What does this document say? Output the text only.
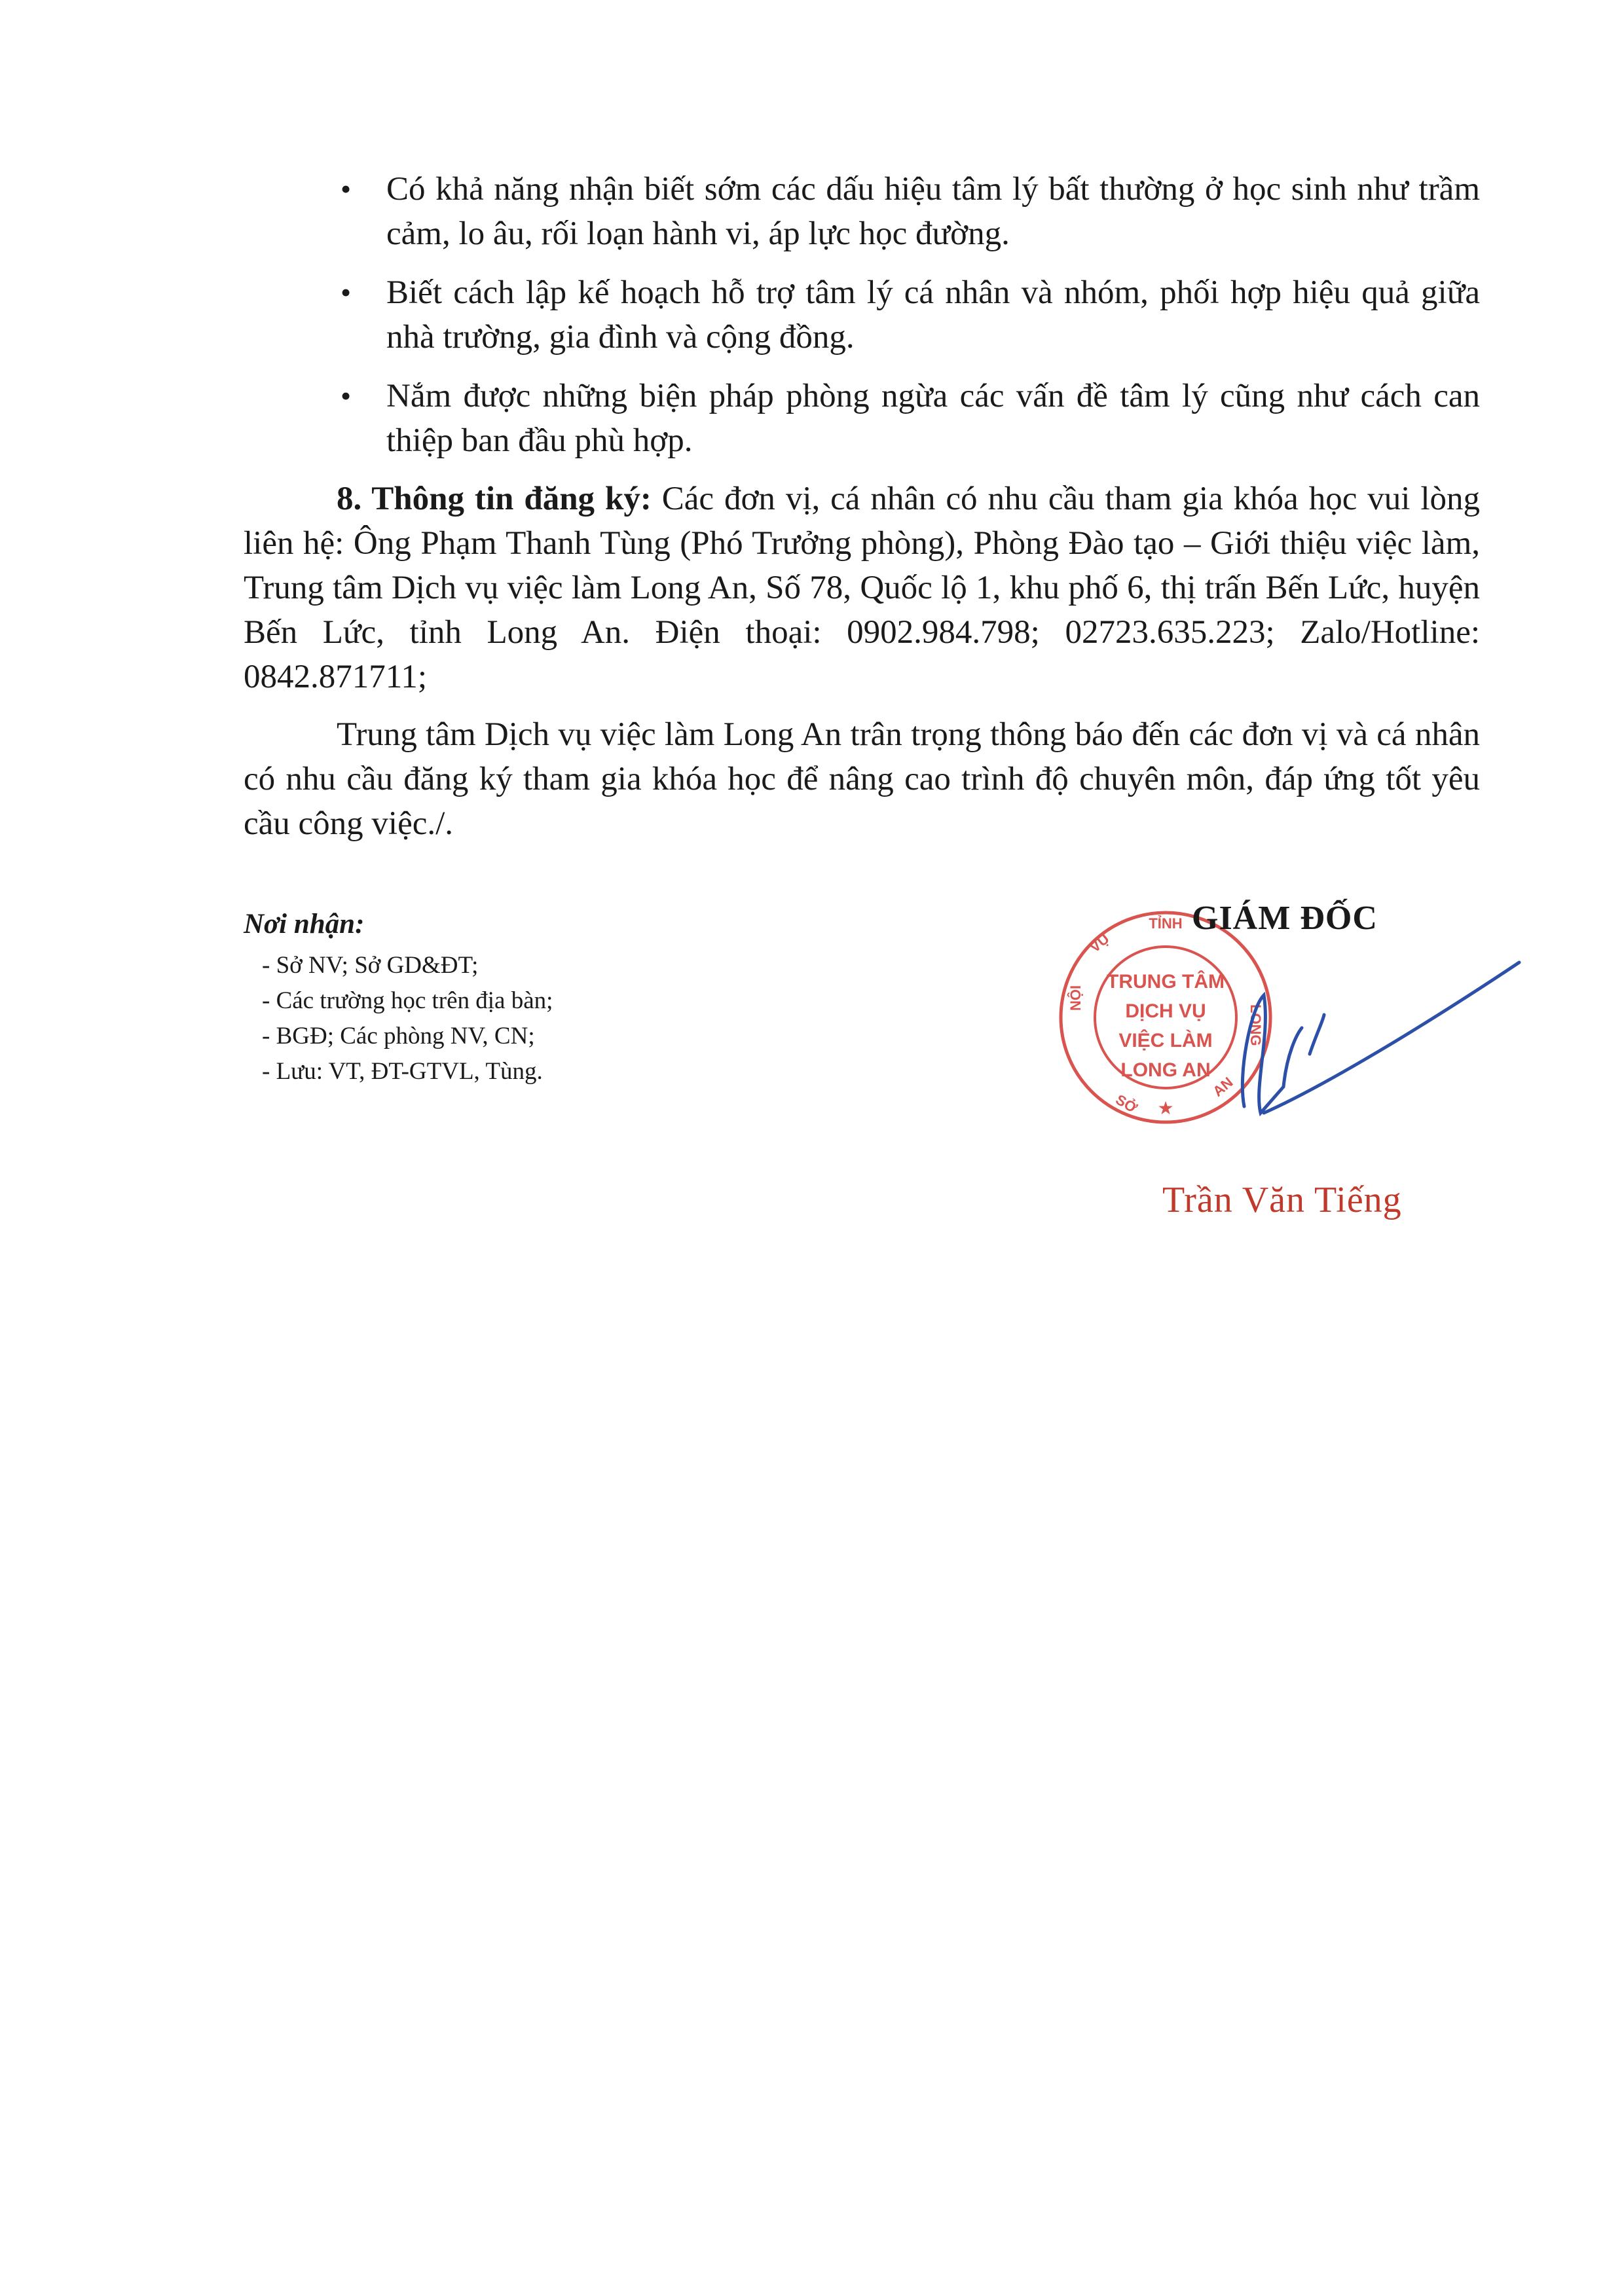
• Có khả năng nhận biết sớm các dấu hiệu tâm lý bất thường ở học sinh như trầm cảm, lo âu, rối loạn hành vi, áp lực học đường.
• Biết cách lập kế hoạch hỗ trợ tâm lý cá nhân và nhóm, phối hợp hiệu quả giữa nhà trường, gia đình và cộng đồng.
• Nắm được những biện pháp phòng ngừa các vấn đề tâm lý cũng như cách can thiệp ban đầu phù hợp.

8. Thông tin đăng ký: Các đơn vị, cá nhân có nhu cầu tham gia khóa học vui lòng liên hệ: Ông Phạm Thanh Tùng (Phó Trưởng phòng), Phòng Đào tạo – Giới thiệu việc làm, Trung tâm Dịch vụ việc làm Long An, Số 78, Quốc lộ 1, khu phố 6, thị trấn Bến Lức, huyện Bến Lức, tỉnh Long An. Điện thoại: 0902.984.798; 02723.635.223; Zalo/Hotline: 0842.871711;

Trung tâm Dịch vụ việc làm Long An trân trọng thông báo đến các đơn vị và cá nhân có nhu cầu đăng ký tham gia khóa học để nâng cao trình độ chuyên môn, đáp ứng tốt yêu cầu công việc./.

Nơi nhận:

- Sở NV; Sở GD&ĐT;
- Các trường học trên địa bàn;
- BGĐ; Các phòng NV, CN;
- Lưu: VT, ĐT-GTVL, Tùng.
TỈNH
VỤ
NỘI
SỞ
LONG
AN
★
TRUNG TÂM
DỊCH VỤ
VIỆC LÀM
LONG AN
GIÁM ĐỐC
Trần Văn Tiếng
